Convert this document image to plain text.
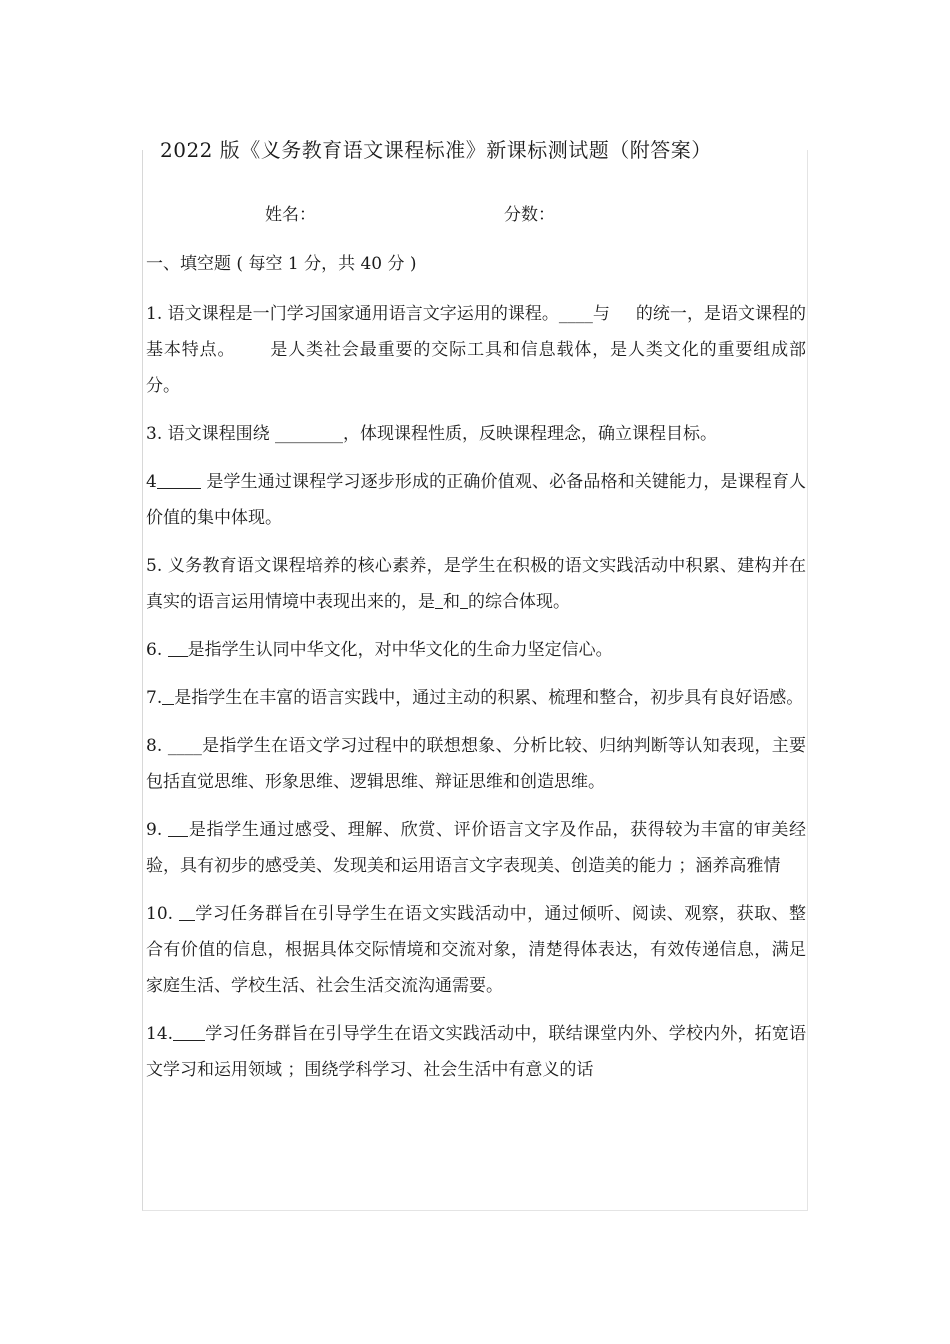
2022 版《义务教育语文课程标准》新课标测试题（附答案）
姓名：	分数：
一、填空题 ( 每空 1 分，共 40 分 )
1. 语文课程是一门学习国家通用语言文字运用的课程。____与 的统一，是语文课程的基本特点。 是人类社会最重要的交际工具和信息载体，是人类文化的重要组成部分。
3. 语文课程围绕 ________，体现课程性质，反映课程理念，确立课程目标。
4	是学生通过课程学习逐步形成的正确价值观、必备品格和关键能力，是课程育人价值的集中体现。
5. 义务教育语文课程培养的核心素养，是学生在积极的语文实践活动中积累、建构并在真实的语言运用情境中表现出来的，是 和 的综合体现。
6. 是指学生认同中华文化，对中华文化的生命力坚定信心。
7. 是指学生在丰富的语言实践中，通过主动的积累、梳理和整合，初步具有良好语感。
8. ____是指学生在语文学习过程中的联想想象、分析比较、归纳判断等认知表现，主要包括直觉思维、形象思维、逻辑思维、辩证思维和创造思维。
9. 是指学生通过感受、理解、欣赏、评价语言文字及作品，获得较为丰富的审美经验，具有初步的感受美、发现美和运用语言文字表现美、创造美的能力 ；涵养高雅情
10. 学习任务群旨在引导学生在语文实践活动中，通过倾听、阅读、观察，获取、整合有价值的信息，根据具体交际情境和交流对象，清楚得体表达，有效传递信息，满足家庭生活、学校生活、社会生活交流沟通需要。
14. 学习任务群旨在引导学生在语文实践活动中，联结课堂内外、学校内外，拓宽语文学习和运用领域 ；围绕学科学习、社会生活中有意义的话
